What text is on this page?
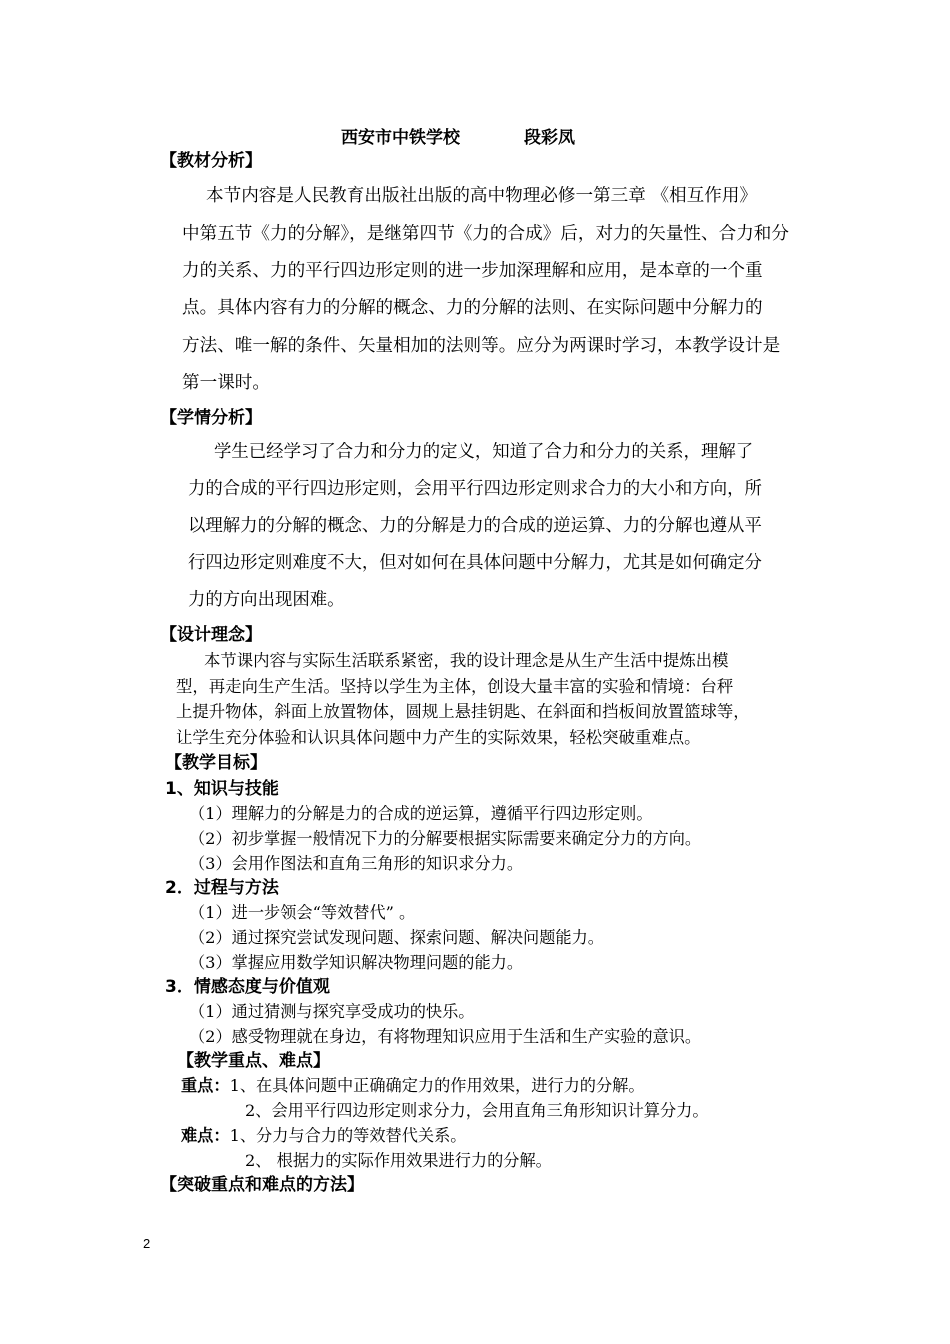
西安市中铁学校	段彩凤
【教材分析】
本节内容是人民教育出版社出版的高中物理必修一第三章 《相互作用》
中第五节《力的分解》，是继第四节《力的合成》后，对力的矢量性、合力和分
力的关系、力的平行四边形定则的进一步加深理解和应用，是本章的一个重
点。具体内容有力的分解的概念、力的分解的法则、在实际问题中分解力的
方法、唯一解的条件、矢量相加的法则等。应分为两课时学习，本教学设计是
第一课时。
【学情分析】
学生已经学习了合力和分力的定义，知道了合力和分力的关系，理解了
力的合成的平行四边形定则，会用平行四边形定则求合力的大小和方向，所
以理解力的分解的概念、力的分解是力的合成的逆运算、力的分解也遵从平
行四边形定则难度不大，但对如何在具体问题中分解力，尤其是如何确定分
力的方向出现困难。
【设计理念】
本节课内容与实际生活联系紧密，我的设计理念是从生产生活中提炼出模
型，再走向生产生活。坚持以学生为主体，创设大量丰富的实验和情境：台秤
上提升物体，斜面上放置物体，圆规上悬挂钥匙、在斜面和挡板间放置篮球等，
让学生充分体验和认识具体问题中力产生的实际效果，轻松突破重难点。
【教学目标】
1、知识与技能
（1）理解力的分解是力的合成的逆运算，遵循平行四边形定则。
（2）初步掌握一般情况下力的分解要根据实际需要来确定分力的方向。
（3）会用作图法和直角三角形的知识求分力。
2．过程与方法
（1）进一步领会“等效替代” 。
（2）通过探究尝试发现问题、探索问题、解决问题能力。
（3）掌握应用数学知识解决物理问题的能力。
3．情感态度与价值观
（1）通过猜测与探究享受成功的快乐。
（2）感受物理就在身边，有将物理知识应用于生活和生产实验的意识。
【教学重点、难点】
重点：1、在具体问题中正确确定力的作用效果，进行力的分解。
2、会用平行四边形定则求分力，会用直角三角形知识计算分力。
难点：1、分力与合力的等效替代关系。
2、 根据力的实际作用效果进行力的分解。
【突破重点和难点的方法】
2
